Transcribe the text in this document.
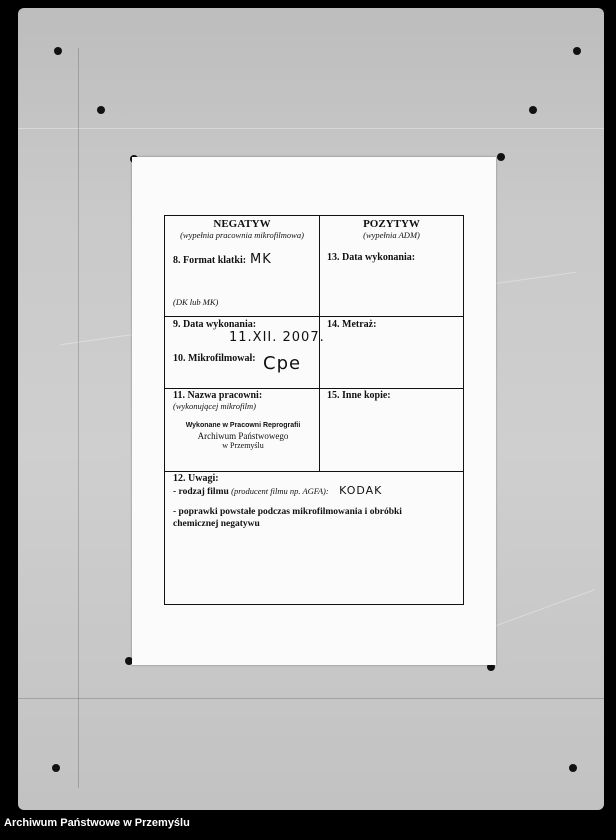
NEGATYW
(wypełnia pracownia mikrofilmowa)
POZYTYW
(wypełnia ADM)
8. Format klatki: MK
(DK lub MK)
13. Data wykonania:
9. Data wykonania:
11.XII. 2007.
14. Metraż:
10. Mikrofilmował: Cpe
11. Nazwa pracowni:
(wykonującej mikrofilm)
Wykonane w Pracowni Reprografii
Archiwum Państwowego
w Przemyślu
15. Inne kopie:
12. Uwagi:
- rodzaj filmu (producent filmu np. AGFA): KODAK
- poprawki powstałe podczas mikrofilmowania i obróbki
chemicznej negatywu
Archiwum Państwowe w Przemyślu
